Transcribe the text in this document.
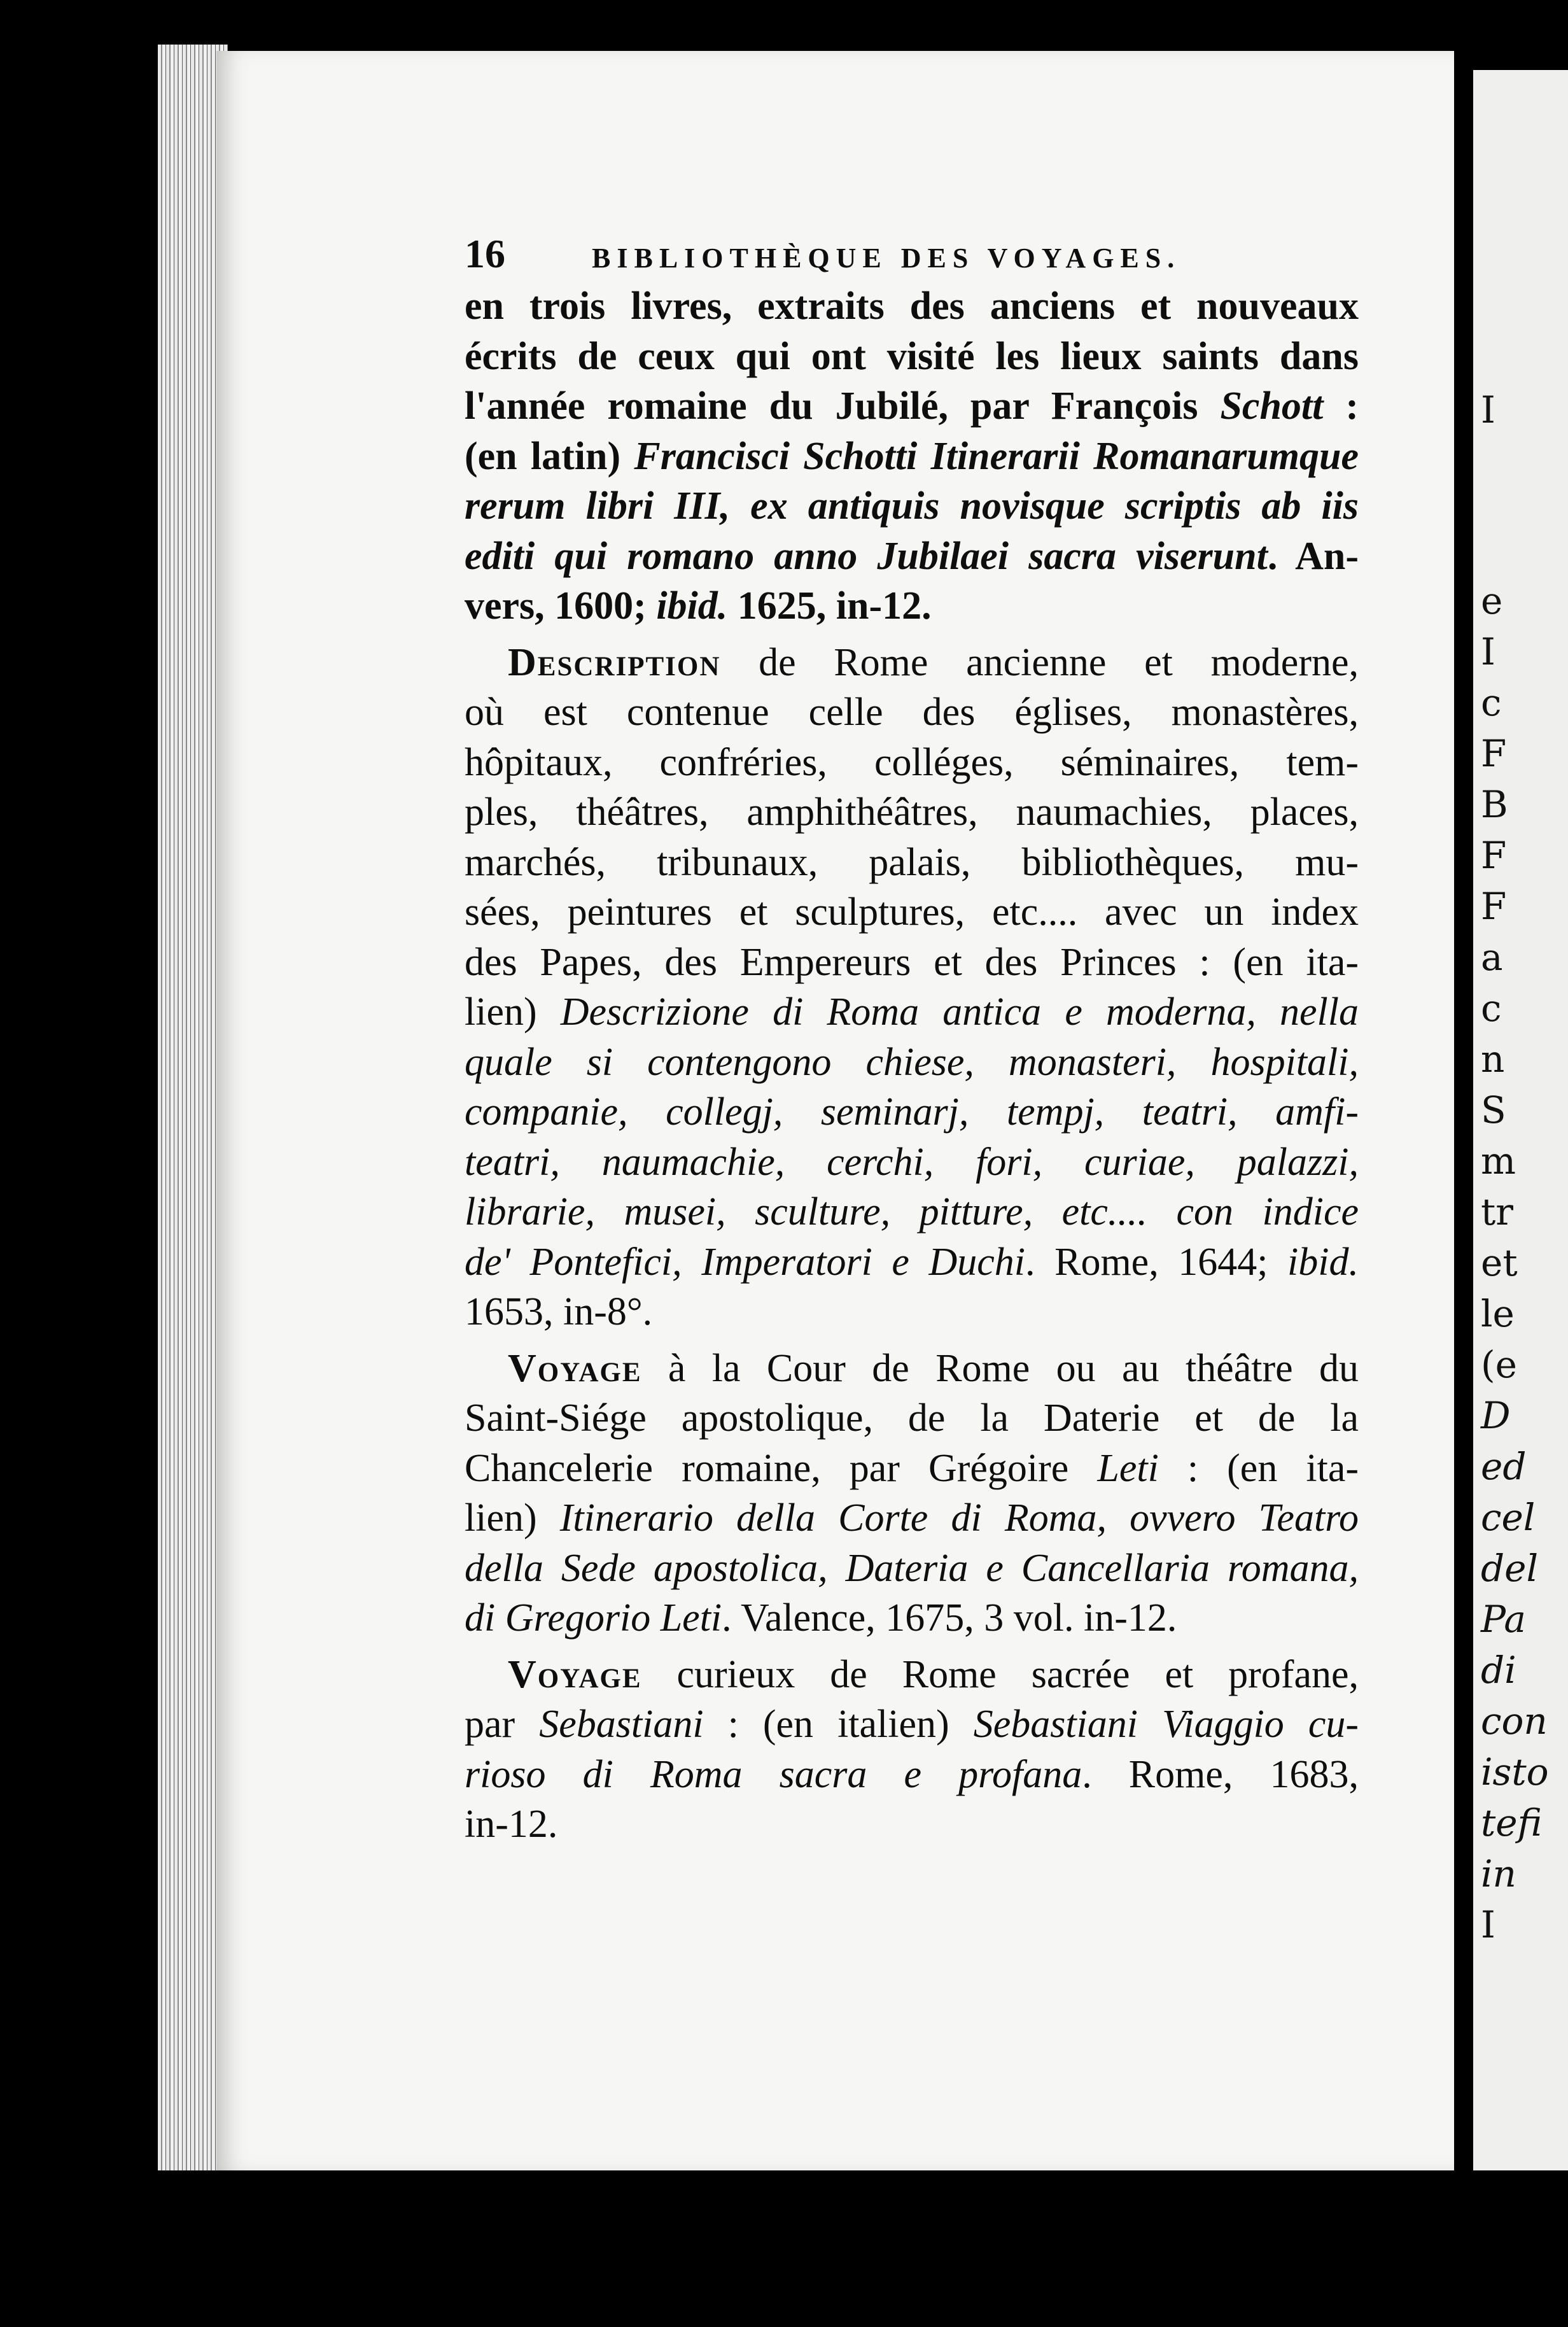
I
e
I
c
F
B
F
F
a
c
n
S
m
tr
et
le
(e
D
ed
cel
del
Pa
di
con
isto
tefi
in
I
16	BIBLIOTHÈQUE DES VOYAGES.
en trois livres, extraits des anciens et nouveaux
écrits de ceux qui ont visité les lieux saints dans
l'année romaine du Jubilé, par François Schott :
(en latin) Francisci Schotti Itinerarii Romanarumque
rerum libri III, ex antiquis novisque scriptis ab iis
editi qui romano anno Jubilaei sacra viserunt. An-
vers, 1600; ibid. 1625, in-12.
Description de Rome ancienne et moderne,
où est contenue celle des églises, monastères,
hôpitaux, confréries, colléges, séminaires, tem-
ples, théâtres, amphithéâtres, naumachies, places,
marchés, tribunaux, palais, bibliothèques, mu-
sées, peintures et sculptures, etc.... avec un index
des Papes, des Empereurs et des Princes : (en ita-
lien) Descrizione di Roma antica e moderna, nella
quale si contengono chiese, monasteri, hospitali,
companie, collegj, seminarj, tempj, teatri, amfi-
teatri, naumachie, cerchi, fori, curiae, palazzi,
librarie, musei, sculture, pitture, etc.... con indice
de' Pontefici, Imperatori e Duchi. Rome, 1644; ibid.
1653, in-8°.
Voyage à la Cour de Rome ou au théâtre du
Saint-Siége apostolique, de la Daterie et de la
Chancelerie romaine, par Grégoire Leti : (en ita-
lien) Itinerario della Corte di Roma, ovvero Teatro
della Sede apostolica, Dateria e Cancellaria romana,
di Gregorio Leti. Valence, 1675, 3 vol. in-12.
Voyage curieux de Rome sacrée et profane,
par Sebastiani : (en italien) Sebastiani Viaggio cu-
rioso di Roma sacra e profana. Rome, 1683,
in-12.
